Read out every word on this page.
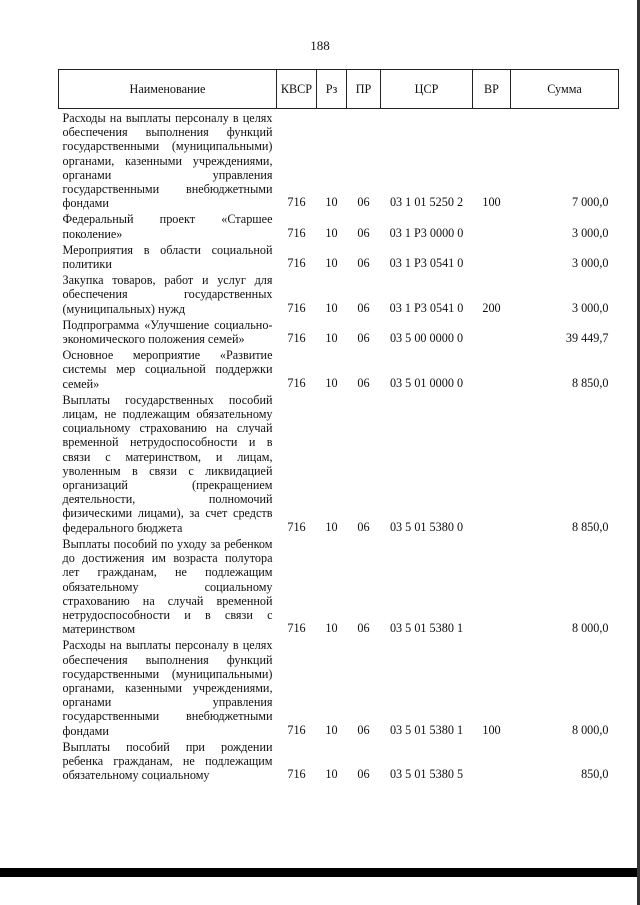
188
Наименование	КВСР	Рз	ПР	ЦСР	ВР	Сумма
Расходы на выплаты персоналу в целях обеспечения выполнения функций государственными (муниципальными) органами, казенными учреждениями, органами управления государственными внебюджетными фондами	716	10	06	03 1 01 5250 2	100	7 000,0
Федеральный проект «Старшее поколение»	716	10	06	03 1 P3 0000 0		3 000,0
Мероприятия в области социальной политики	716	10	06	03 1 P3 0541 0		3 000,0
Закупка товаров, работ и услуг для обеспечения государственных (муниципальных) нужд	716	10	06	03 1 P3 0541 0	200	3 000,0
Подпрограмма «Улучшение социально-экономического положения семей»	716	10	06	03 5 00 0000 0		39 449,7
Основное мероприятие «Развитие системы мер социальной поддержки семей»	716	10	06	03 5 01 0000 0		8 850,0
Выплаты государственных пособий лицам, не подлежащим обязательному социальному страхованию на случай временной нетрудоспособности и в связи с материнством, и лицам, уволенным в связи с ликвидацией организаций (прекращением деятельности, полномочий физическими лицами), за счет средств федерального бюджета	716	10	06	03 5 01 5380 0		8 850,0
Выплаты пособий по уходу за ребенком до достижения им возраста полутора лет гражданам, не подлежащим обязательному социальному страхованию на случай временной нетрудоспособности и в связи с материнством	716	10	06	03 5 01 5380 1		8 000,0
Расходы на выплаты персоналу в целях обеспечения выполнения функций государственными (муниципальными) органами, казенными учреждениями, органами управления государственными внебюджетными фондами	716	10	06	03 5 01 5380 1	100	8 000,0
Выплаты пособий при рождении ребенка гражданам, не подлежащим обязательному социальному	716	10	06	03 5 01 5380 5		850,0
